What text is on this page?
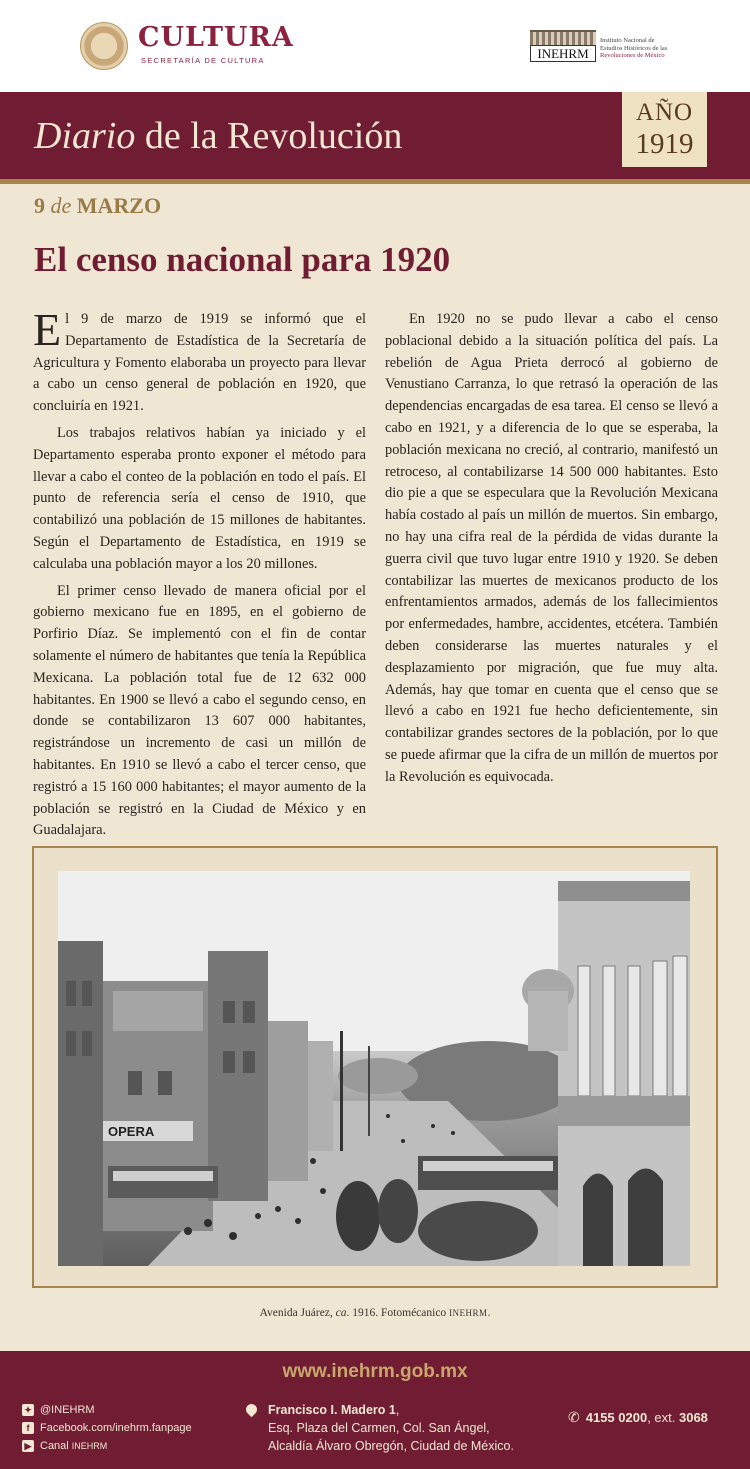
CULTURA
SECRETARÍA DE CULTURA	INEHRM
Instituto Nacional de
Estudios Históricos de las
Revoluciones de México
Diario de la Revolución
AÑO
1919
9 de MARZO
El censo nacional para 1920

El 9 de marzo de 1919 se informó que el Departamento de Estadística de la Secretaría de Agricultura y Fomento elaboraba un proyecto para llevar a cabo un censo general de población en 1920, que concluiría en 1921.

Los trabajos relativos habían ya iniciado y el Departamento esperaba pronto exponer el método para llevar a cabo el conteo de la población en todo el país. El punto de referencia sería el censo de 1910, que contabilizó una población de 15 millones de habitantes. Según el Departamento de Estadística, en 1919 se calculaba una población mayor a los 20 millones.

El primer censo llevado de manera oficial por el gobierno mexicano fue en 1895, en el gobierno de Porfirio Díaz. Se implementó con el fin de contar solamente el número de habitantes que tenía la República Mexicana. La población total fue de 12 632 000 habitantes. En 1900 se llevó a cabo el segundo censo, en donde se contabilizaron 13 607 000 habitantes, registrándose un incremento de casi un millón de habitantes. En 1910 se llevó a cabo el tercer censo, que registró a 15 160 000 habitantes; el mayor aumento de la población se registró en la Ciudad de México y en Guadalajara.

En 1920 no se pudo llevar a cabo el censo poblacional debido a la situación política del país. La rebelión de Agua Prieta derrocó al gobierno de Venustiano Carranza, lo que retrasó la operación de las dependencias encargadas de esa tarea. El censo se llevó a cabo en 1921, y a diferencia de lo que se esperaba, la población mexicana no creció, al contrario, manifestó un retroceso, al contabilizarse 14 500 000 habitantes. Esto dio pie a que se especulara que la Revolución Mexicana había costado al país un millón de muertos. Sin embargo, no hay una cifra real de la pérdida de vidas durante la guerra civil que tuvo lugar entre 1910 y 1920. Se deben contabilizar las muertes de mexicanos producto de los enfrentamientos armados, además de los fallecimientos por enfermedades, hambre, accidentes, etcétera. También deben considerarse las muertes naturales y el desplazamiento por migración, que fue muy alta. Además, hay que tomar en cuenta que el censo que se llevó a cabo en 1921 fue hecho deficientemente, sin contabilizar grandes sectores de la población, por lo que se puede afirmar que la cifra de un millón de muertos por la Revolución es equivocada.

OPERA
Avenida Juárez, ca. 1916. Fotomécanico INEHRM.
www.inehrm.gob.mx
✦ @INEHRM
f Facebook.com/inehrm.fanpage
▶ Canal INEHRM
Francisco I. Madero 1,
Esq. Plaza del Carmen, Col. San Ángel,
Alcaldía Álvaro Obregón, Ciudad de México.
✆ 4155 0200, ext. 3068
